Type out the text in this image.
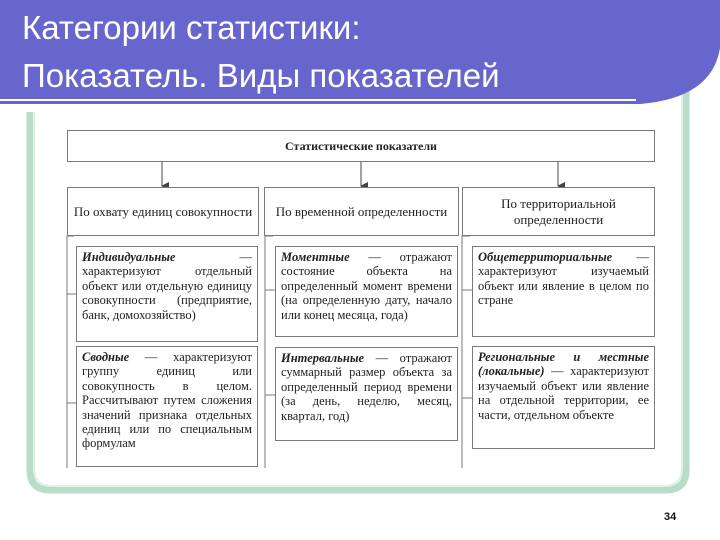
Категории статистики:
Показатель. Виды показателей
Статистические показатели
По охвату единиц совокупности	По временной определенности
По территориальной определенности
Индивидуальные — характеризуют отдельный объект или отдельную единицу совокупности (предприятие, банк, домохозяйство)
Сводные — характеризуют группу единиц или совокупность в целом. Рассчитывают путем сложения значений признака отдельных единиц или по специальным формулам
Моментные — отражают состояние объекта на определенный момент времени (на определенную дату, начало или конец месяца, года)
Интервальные — отражают суммарный размер объекта за определенный период времени (за день, неделю, месяц, квартал, год)
Общетерриториальные — характеризуют изучаемый объект или явление в целом по стране
Региональные и местные (локальные) — характеризуют изучаемый объект или явление на отдельной территории, ее части, отдельном объекте
34
